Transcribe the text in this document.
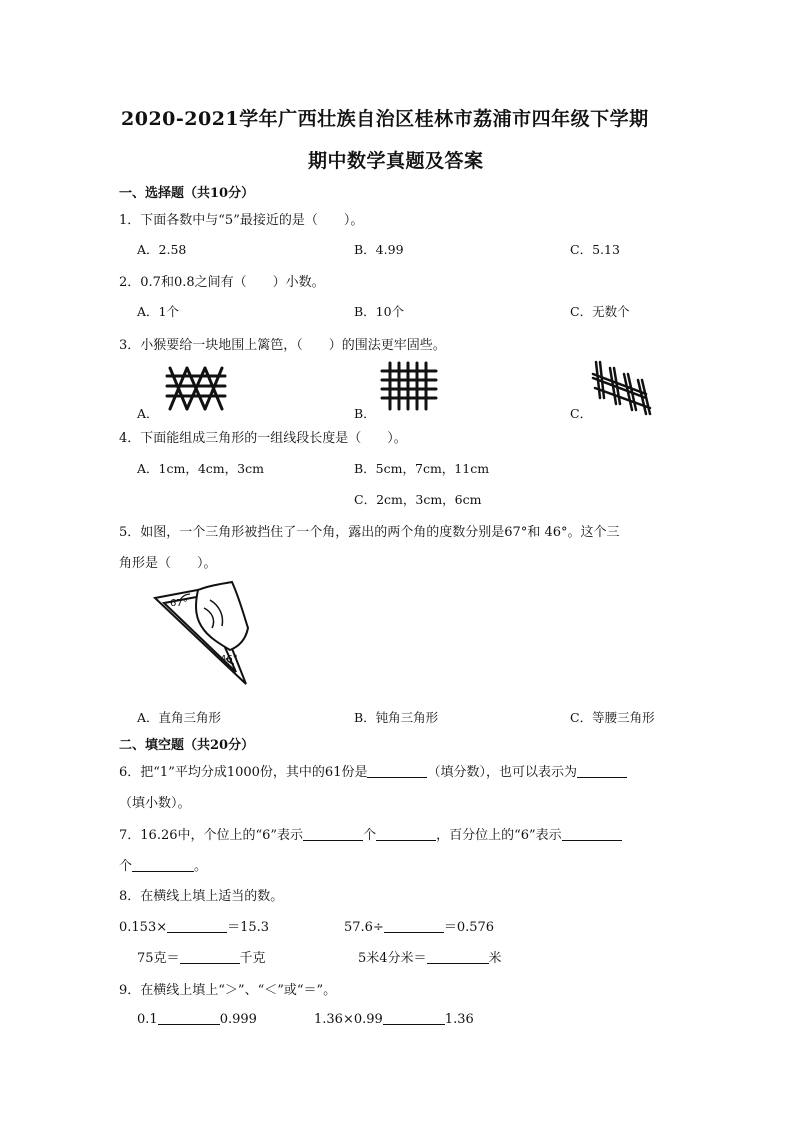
2020-2021学年广西壮族自治区桂林市荔浦市四年级下学期
期中数学真题及答案
一、选择题（共10分）
1．下面各数中与“5”最接近的是（　　）。
A．2.58	B．4.99	C．5.13
2．0.7和0.8之间有（　　）小数。
A．1个	B．10个	C．无数个
3．小猴要给一块地围上篱笆，（　　）的围法更牢固些。
A．	B．	C．
4．下面能组成三角形的一组线段长度是（　　）。
A．1cm，4cm，3cm	B．5cm，7cm，11cm
C．2cm，3cm，6cm
5．如图，一个三角形被挡住了一个角，露出的两个角的度数分别是67°和 46°。这个三
角形是（　　）。
67°
46°
A．直角三角形	B．钝角三角形	C．等腰三角形
二、填空题（共20分）
6．把“1”平均分成1000份，其中的61份是	（填分数），也可以表示为
（填小数）。
7．16.26中，个位上的“6”表示	个	，百分位上的“6”表示
个	。
8．在横线上填上适当的数。
0.153×	＝15.3	57.6÷	＝0.576
75克＝	千克	5米4分米＝	米
9．在横线上填上“＞”、“＜”或“＝”。
0.1	0.999	1.36×0.99	1.36
